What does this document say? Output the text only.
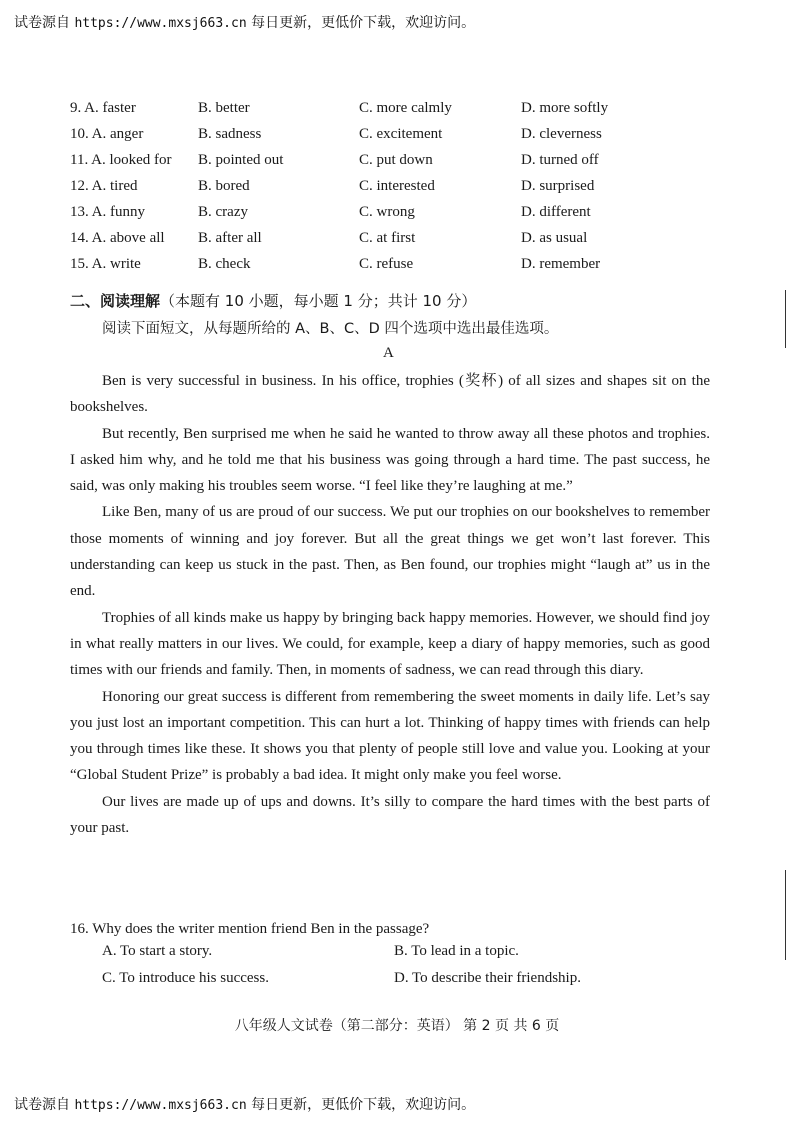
试卷源自 https://www.mxsj663.cn 每日更新，更低价下载，欢迎访问。
9. A. faster	B. better	C. more calmly	D. more softly
10. A. anger	B. sadness	C. excitement	D. cleverness
11. A. looked for B. pointed out	C. put down	D. turned off
12. A. tired	B. bored	C. interested	D. surprised
13. A. funny	B. crazy	C. wrong	D. different
14. A. above all B. after all	C. at first	D. as usual
15. A. write	B. check	C. refuse	D. remember
二、阅读理解（本题有 10 小题，每小题 1 分；共计 10 分）
阅读下面短文，从每题所给的 A、B、C、D 四个选项中选出最佳选项。
A

Ben is very successful in business. In his office, trophies (奖杯) of all sizes and shapes sit on the bookshelves.

But recently, Ben surprised me when he said he wanted to throw away all these photos and trophies. I asked him why, and he told me that his business was going through a hard time. The past success, he said, was only making his troubles seem worse. “I feel like they’re laughing at me.”

Like Ben, many of us are proud of our success. We put our trophies on our bookshelves to remember those moments of winning and joy forever. But all the great things we get won’t last forever. This understanding can keep us stuck in the past. Then, as Ben found, our trophies might “laugh at” us in the end.

Trophies of all kinds make us happy by bringing back happy memories. However, we should find joy in what really matters in our lives. We could, for example, keep a diary of happy memories, such as good times with our friends and family. Then, in moments of sadness, we can read through this diary.

Honoring our great success is different from remembering the sweet moments in daily life. Let’s say you just lost an important competition. This can hurt a lot. Thinking of happy times with friends can help you through times like these. It shows you that plenty of people still love and value you. Looking at your “Global Student Prize” is probably a bad idea. It might only make you feel worse.

Our lives are made up of ups and downs. It’s silly to compare the hard times with the best parts of your past.

16. Why does the writer mention friend Ben in the passage?
A. To start a story.	B. To lead in a topic.
C. To introduce his success.	D. To describe their friendship.
八年级人文试卷（第二部分：英语） 第 2 页 共 6 页
试卷源自 https://www.mxsj663.cn 每日更新，更低价下载，欢迎访问。
